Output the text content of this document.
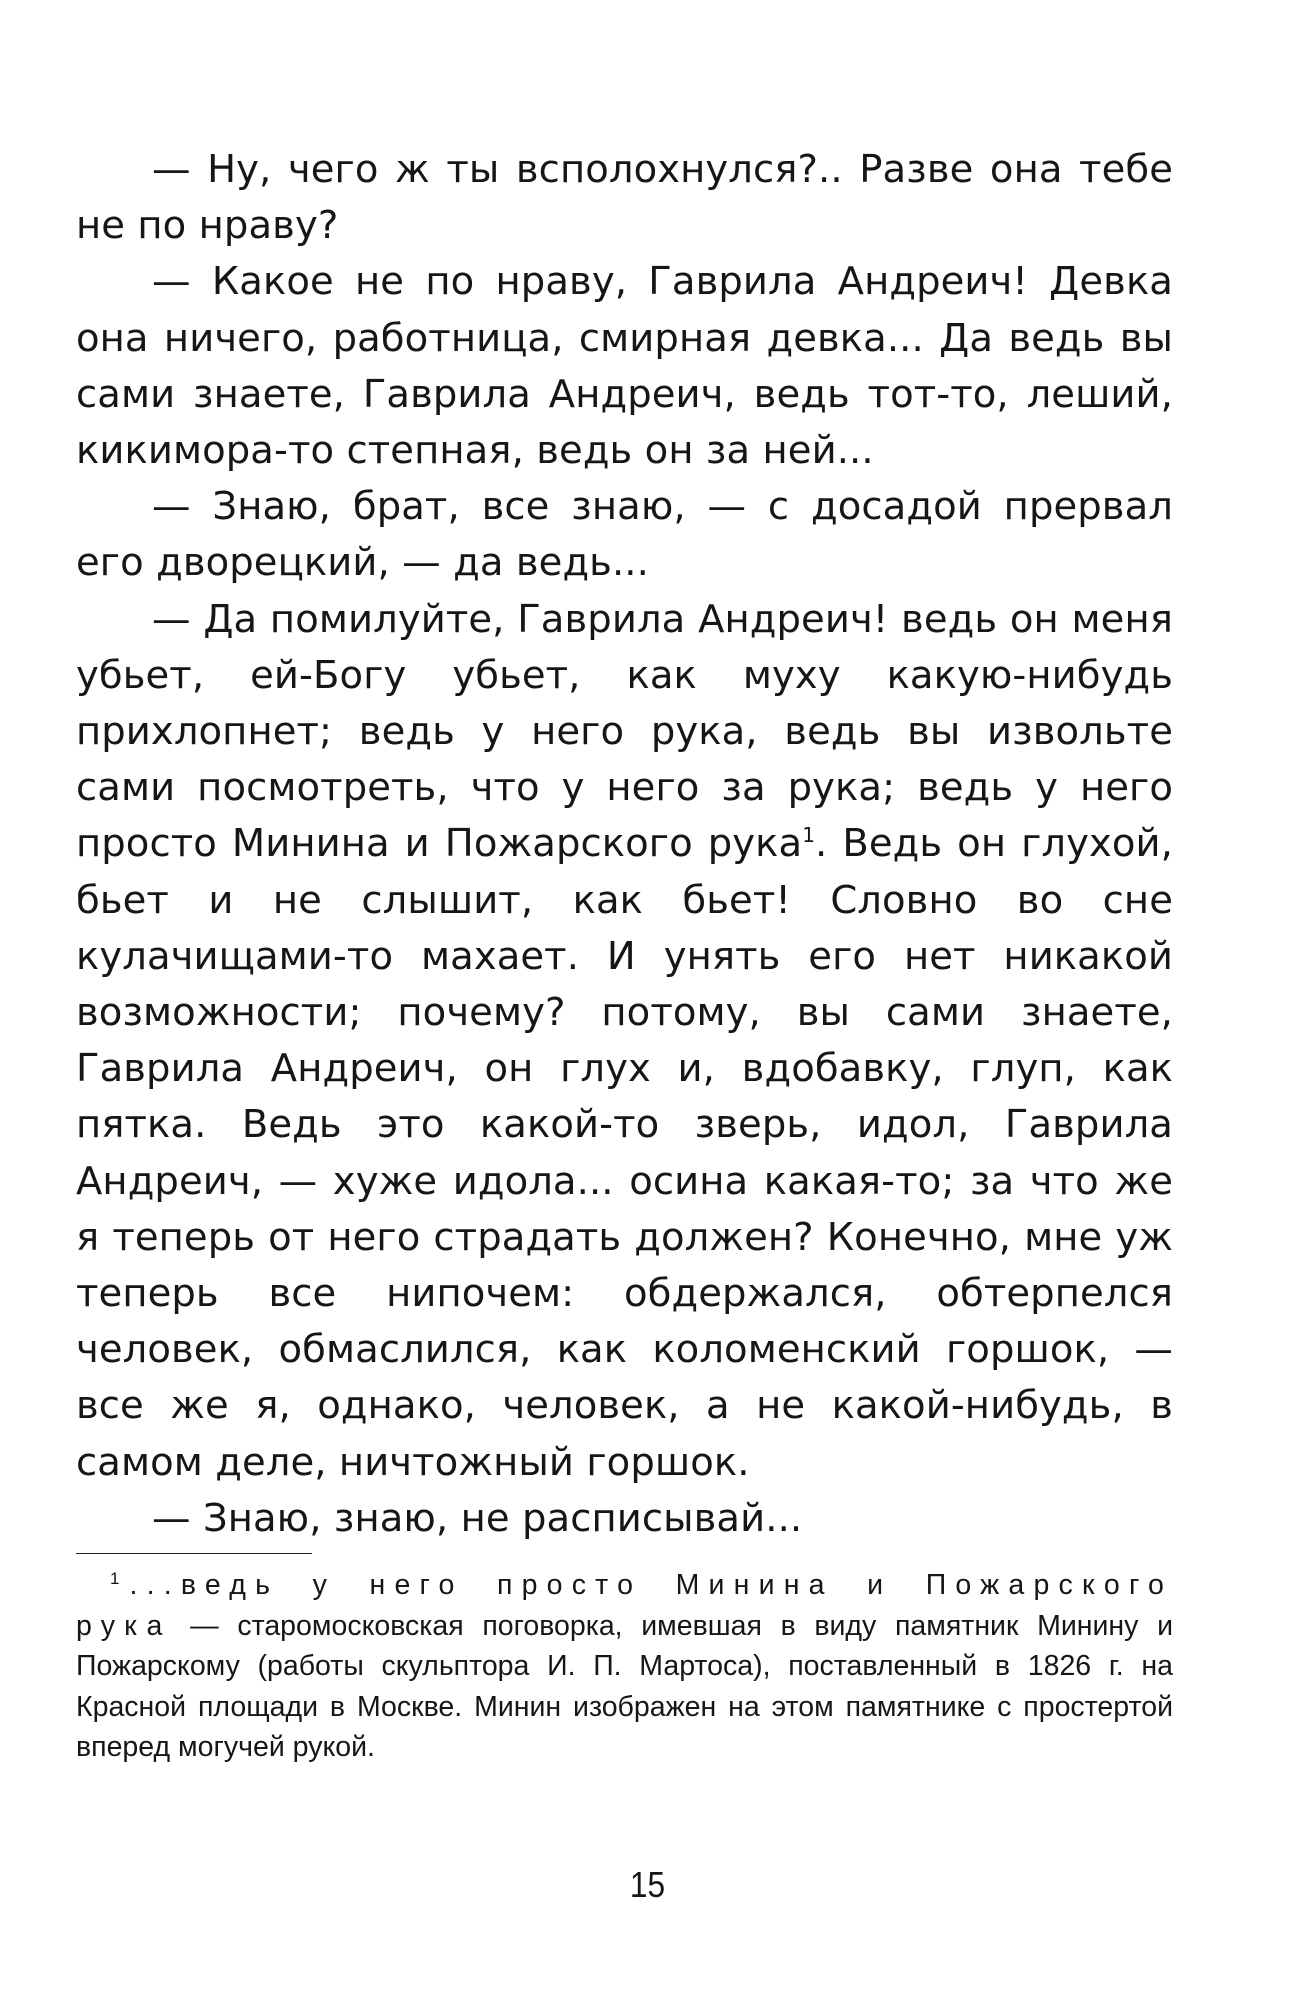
— Ну, чего ж ты всполохнулся?.. Разве она тебе не по нраву?

— Какое не по нраву, Гаврила Андреич! Девка она ничего, работница, смирная девка... Да ведь вы сами знаете, Гаврила Андреич, ведь тот-то, леший, кикимора-то степная, ведь он за ней...

— Знаю, брат, все знаю, — с досадой прервал его дворецкий, — да ведь...

— Да помилуйте, Гаврила Андреич! ведь он меня убьет, ей-Богу убьет, как муху какую-нибудь прихлопнет; ведь у него рука, ведь вы извольте сами посмотреть, что у него за рука; ведь у него просто Минина и Пожарского рука$^1$. Ведь он глухой, бьет и не слышит, как бьет! Словно во сне кулачищами-то махает. И унять его нет никакой возможности; почему? потому, вы сами знаете, Гаврила Андреич, он глух и, вдобавку, глуп, как пятка. Ведь это какой-то зверь, идол, Гаврила Андреич, — хуже идола... осина какая-то; за что же я теперь от него страдать должен? Конечно, мне уж теперь все нипочем: обдержался, обтерпелся человек, обмаслился, как коломенский горшок, — все же я, однако, человек, а не какой-нибудь, в самом деле, ничтожный горшок.

— Знаю, знаю, не расписывай...

$^1$ ...ведь у него просто Минина и Пожарского рука — старомосковская поговорка, имевшая в виду памятник Минину и Пожарскому (работы скульптора И. П. Мартоса), поставленный в 1826 г. на Красной площади в Москве. Минин изображен на этом памятнике с простертой вперед могучей рукой.

15
